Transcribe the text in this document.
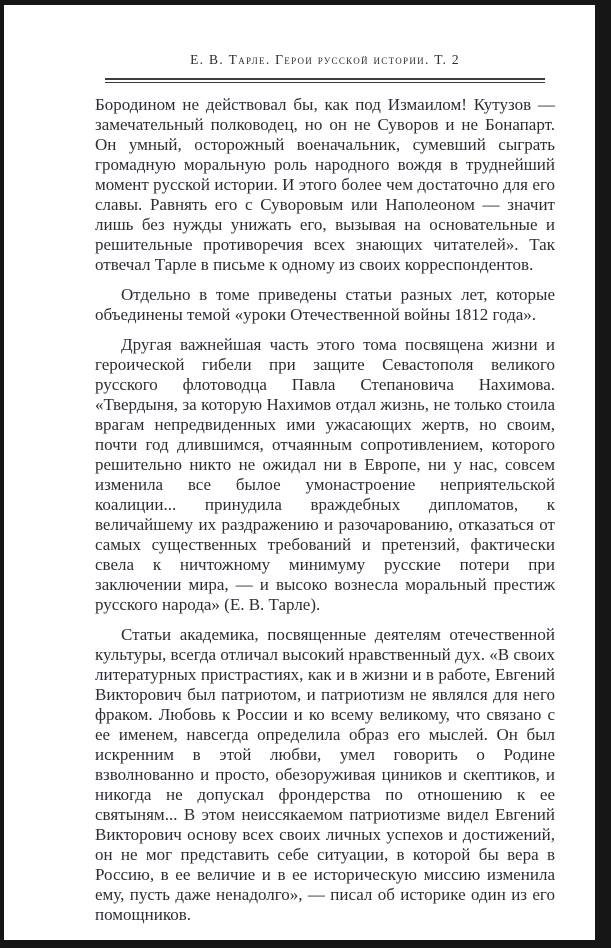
Е. В. Тарле. Герои русской истории. Т. 2

Бородином не действовал бы, как под Измаилом! Кутузов — замечательный полководец, но он не Суворов и не Бонапарт. Он умный, осторожный военачальник, сумевший сыграть громадную моральную роль народного вождя в труднейший момент русской истории. И этого более чем достаточно для его славы. Равнять его с Суворовым или Наполеоном — значит лишь без нужды унижать его, вызывая на основательные и решительные противоречия всех знающих читателей». Так отвечал Тарле в письме к одному из своих корреспондентов.

Отдельно в томе приведены статьи разных лет, которые объединены темой «уроки Отечественной войны 1812 года».

Другая важнейшая часть этого тома посвящена жизни и героической гибели при защите Севастополя великого русского флотоводца Павла Степановича Нахимова. «Твердыня, за которую Нахимов отдал жизнь, не только стоила врагам непредвиденных ими ужасающих жертв, но своим, почти год длившимся, отчаянным сопротивлением, которого решительно никто не ожидал ни в Европе, ни у нас, совсем изменила все былое умонастроение неприятельской коалиции... принудила враждебных дипломатов, к величайшему их раздражению и разочарованию, отказаться от самых существенных требований и претензий, фактически свела к ничтожному минимуму русские потери при заключении мира, — и высоко вознесла моральный престиж русского народа» (Е. В. Тарле).

Статьи академика, посвященные деятелям отечественной культуры, всегда отличал высокий нравственный дух. «В своих литературных пристрастиях, как и в жизни и в работе, Евгений Викторович был патриотом, и патриотизм не являлся для него фраком. Любовь к России и ко всему великому, что связано с ее именем, навсегда определила образ его мыслей. Он был искренним в этой любви, умел говорить о Родине взволнованно и просто, обезоруживая циников и скептиков, и никогда не допускал фрондерства по отношению к ее святыням... В этом неиссякаемом патриотизме видел Евгений Викторович основу всех своих личных успехов и достижений, он не мог представить себе ситуации, в которой бы вера в Россию, в ее величие и в ее историческую миссию изменила ему, пусть даже ненадолго», — писал об историке один из его помощников.
